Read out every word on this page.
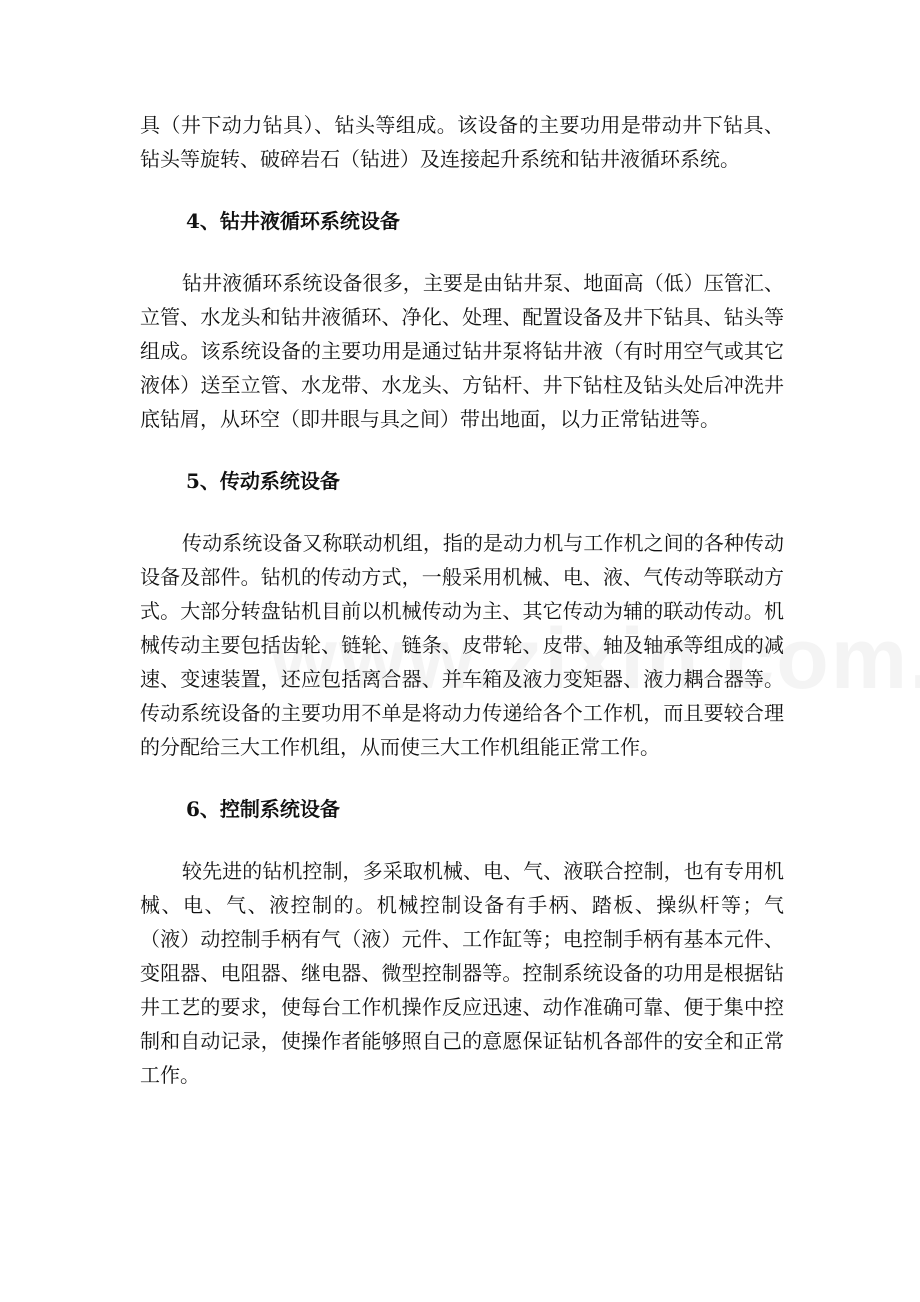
具（井下动力钻具）、钻头等组成。该设备的主要功用是带动井下钻具、钻头等旋转、破碎岩石（钻进）及连接起升系统和钻井液循环系统。

4、钻井液循环系统设备

钻井液循环系统设备很多，主要是由钻井泵、地面高（低）压管汇、立管、水龙头和钻井液循环、净化、处理、配置设备及井下钻具、钻头等组成。该系统设备的主要功用是通过钻井泵将钻井液（有时用空气或其它液体）送至立管、水龙带、水龙头、方钻杆、井下钻柱及钻头处后冲洗井底钻屑，从环空（即井眼与具之间）带出地面，以力正常钻进等。

5、传动系统设备

传动系统设备又称联动机组，指的是动力机与工作机之间的各种传动设备及部件。钻机的传动方式，一般采用机械、电、液、气传动等联动方式。大部分转盘钻机目前以机械传动为主、其它传动为辅的联动传动。机械传动主要包括齿轮、链轮、链条、皮带轮、皮带、轴及轴承等组成的减速、变速装置，还应包括离合器、并车箱及液力变矩器、液力耦合器等。传动系统设备的主要功用不单是将动力传递给各个工作机，而且要较合理的分配给三大工作机组，从而使三大工作机组能正常工作。

6、控制系统设备

较先进的钻机控制，多采取机械、电、气、液联合控制，也有专用机械、电、气、液控制的。机械控制设备有手柄、踏板、操纵杆等；气（液）动控制手柄有气（液）元件、工作缸等；电控制手柄有基本元件、变阻器、电阻器、继电器、微型控制器等。控制系统设备的功用是根据钻井工艺的要求，使每台工作机操作反应迅速、动作准确可靠、便于集中控制和自动记录，使操作者能够照自己的意愿保证钻机各部件的安全和正常工作。
